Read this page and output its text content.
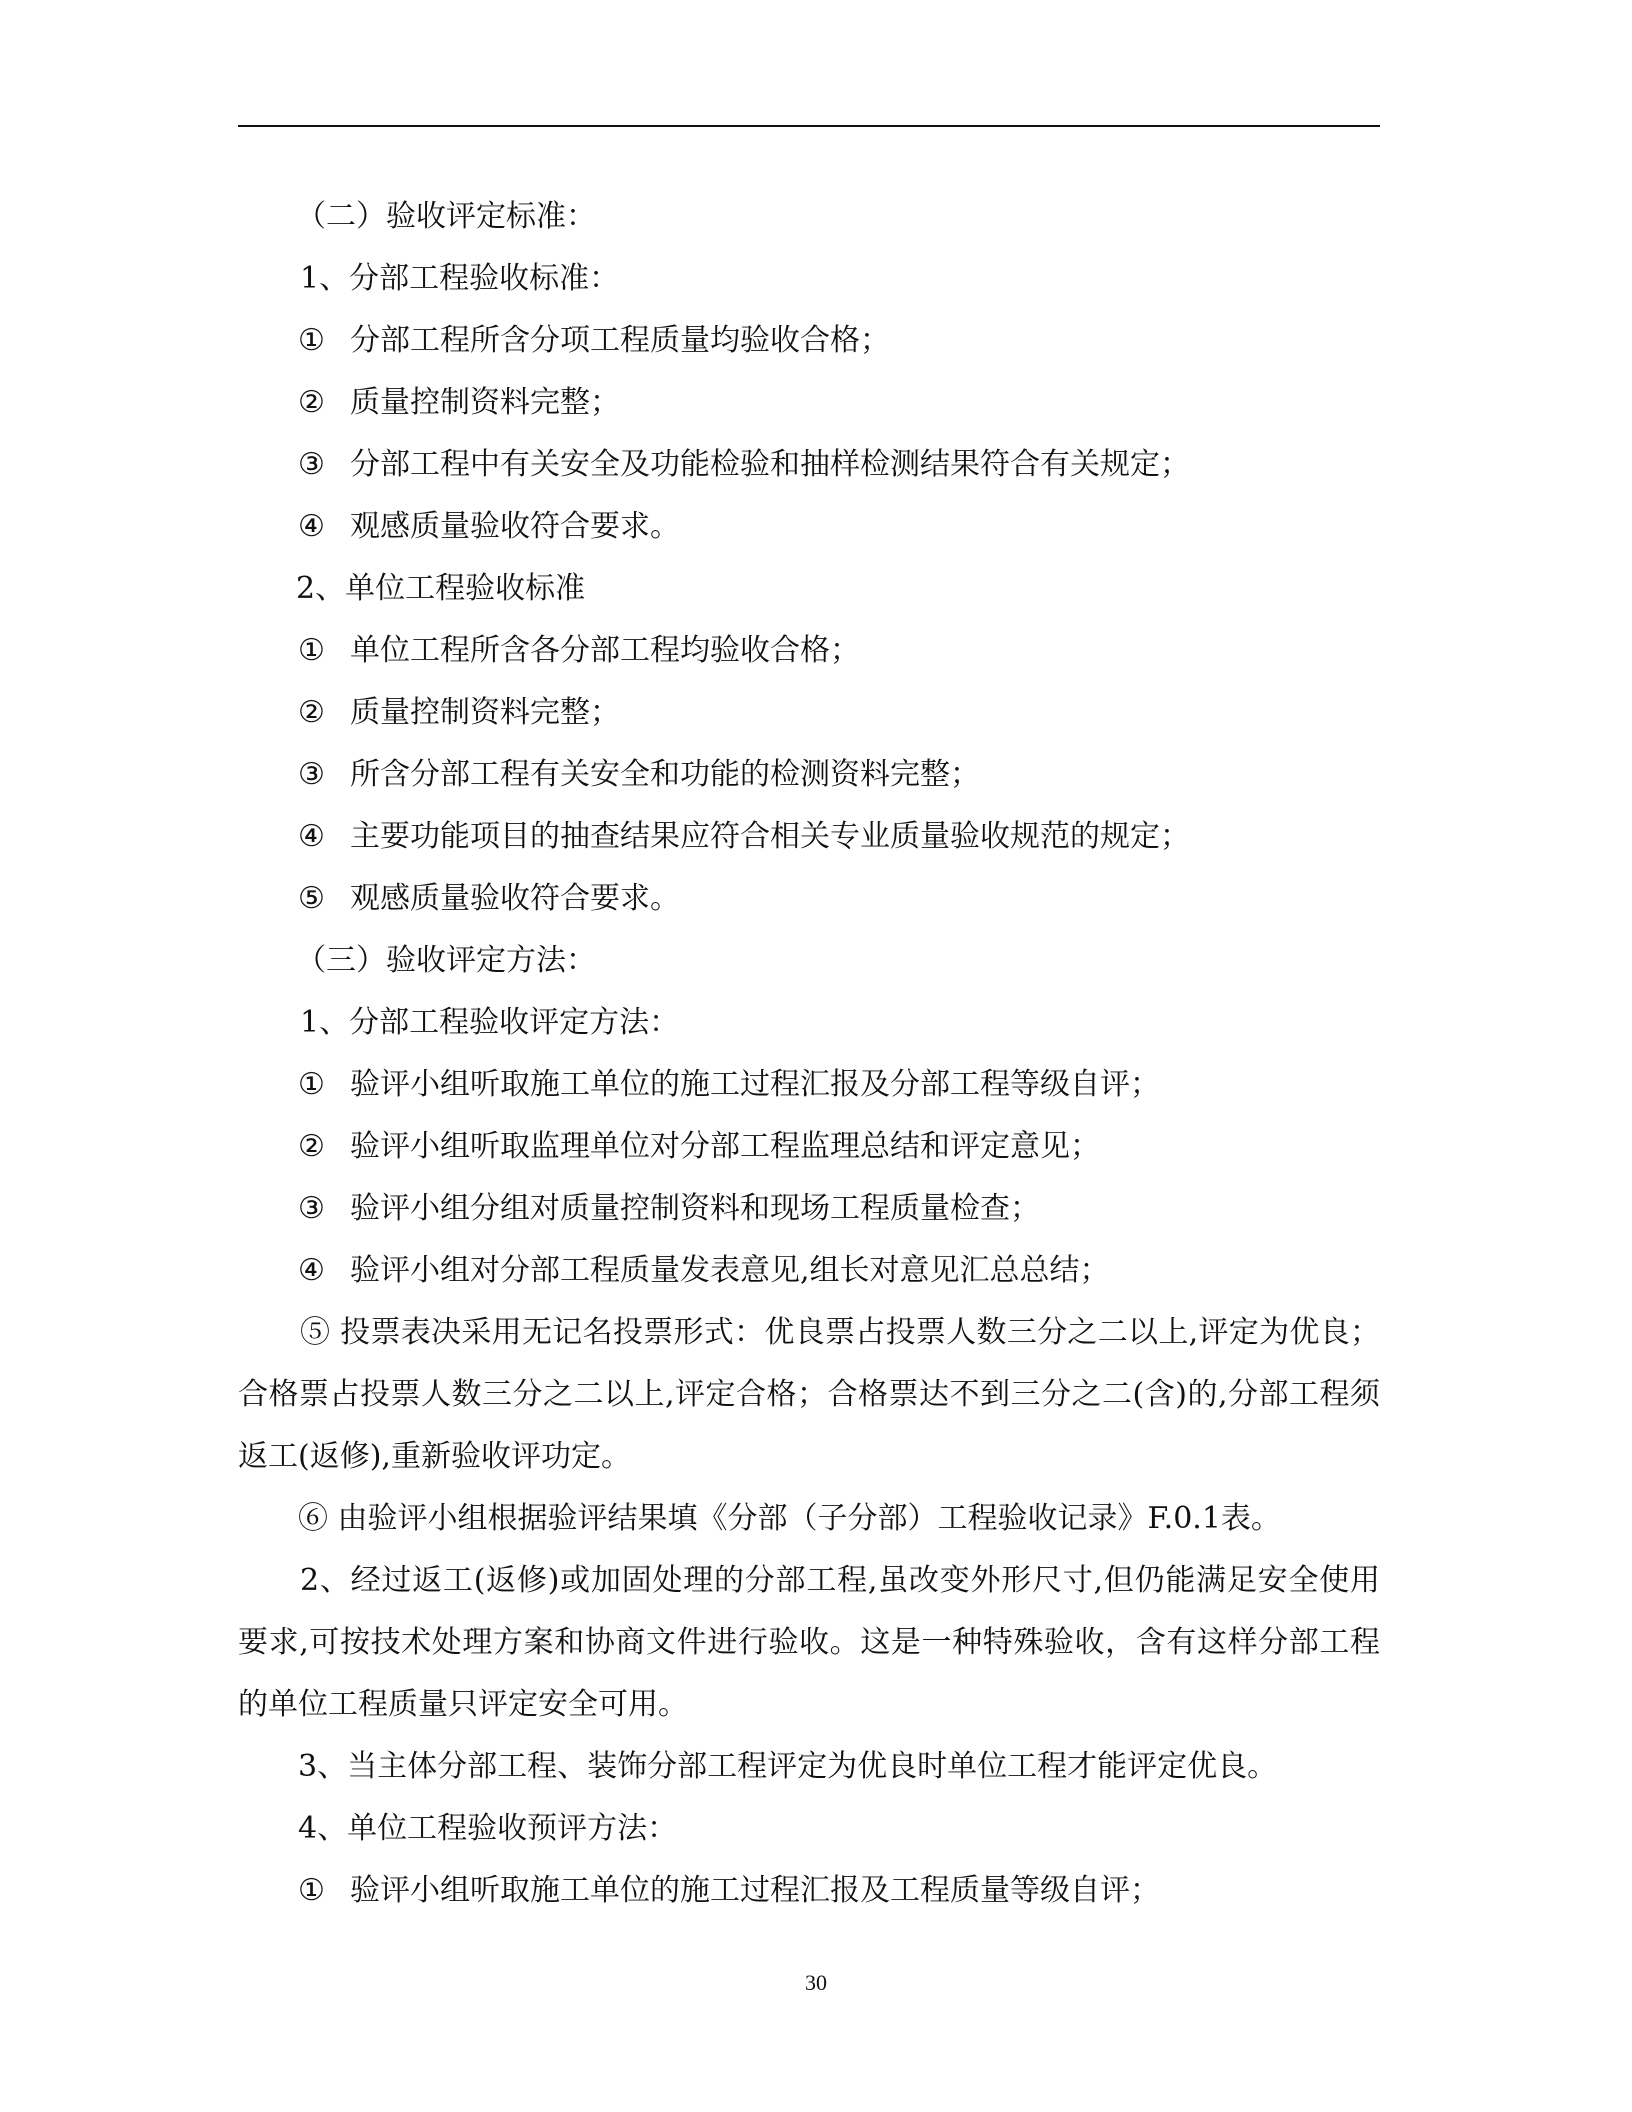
（二）验收评定标准：
1、分部工程验收标准：
① 分部工程所含分项工程质量均验收合格；
② 质量控制资料完整；
③ 分部工程中有关安全及功能检验和抽样检测结果符合有关规定；
④ 观感质量验收符合要求。
2、单位工程验收标准
① 单位工程所含各分部工程均验收合格；
② 质量控制资料完整；
③ 所含分部工程有关安全和功能的检测资料完整；
④ 主要功能项目的抽查结果应符合相关专业质量验收规范的规定；
⑤ 观感质量验收符合要求。
（三）验收评定方法：
1、分部工程验收评定方法：
① 验评小组听取施工单位的施工过程汇报及分部工程等级自评；
② 验评小组听取监理单位对分部工程监理总结和评定意见；
③ 验评小组分组对质量控制资料和现场工程质量检查；
④ 验评小组对分部工程质量发表意见,组长对意见汇总总结；
⑤ 投票表决采用无记名投票形式：优良票占投票人数三分之二以上,评定为优良；合格票占投票人数三分之二以上,评定合格；合格票达不到三分之二(含)的,分部工程须返工(返修),重新验收评功定。
⑥ 由验评小组根据验评结果填《分部（子分部）工程验收记录》F.0.1表。
2、经过返工(返修)或加固处理的分部工程,虽改变外形尺寸,但仍能满足安全使用要求,可按技术处理方案和协商文件进行验收。这是一种特殊验收，含有这样分部工程的单位工程质量只评定安全可用。
3、当主体分部工程、装饰分部工程评定为优良时单位工程才能评定优良。
4、单位工程验收预评方法：
① 验评小组听取施工单位的施工过程汇报及工程质量等级自评；
30
